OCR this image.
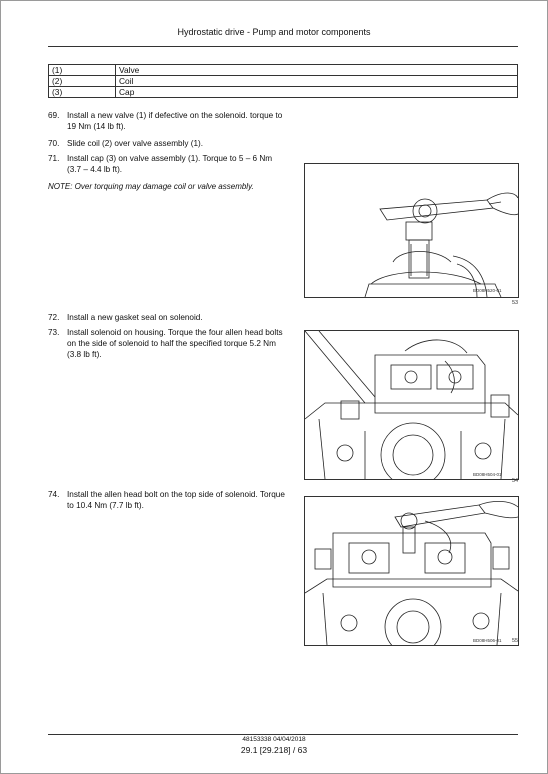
Hydrostatic drive - Pump and motor components
(1)	Valve
(2)	Coil
(3)	Cap
69. Install a new valve (1) if defective on the solenoid. torque to 19 Nm (14 lb ft).
70. Slide coil (2) over valve assembly (1).
71. Install cap (3) on valve assembly (1). Torque to 5 – 6 Nm (3.7 – 4.4 lb ft).
NOTE: Over torquing may damage coil or valve assembly.
72. Install a new gasket seal on solenoid.
73. Install solenoid on housing. Torque the four allen head bolts on the side of solenoid to half the specified torque 5.2 Nm (3.8 lb ft).
74. Install the allen head bolt on the top side of solenoid. Torque to 10.4 Nm (7.7 lb ft).
BD08H520-01
53
BD08H504-01
54
BD08H506-01 55
48153338 04/04/2018
29.1 [29.218] / 63
